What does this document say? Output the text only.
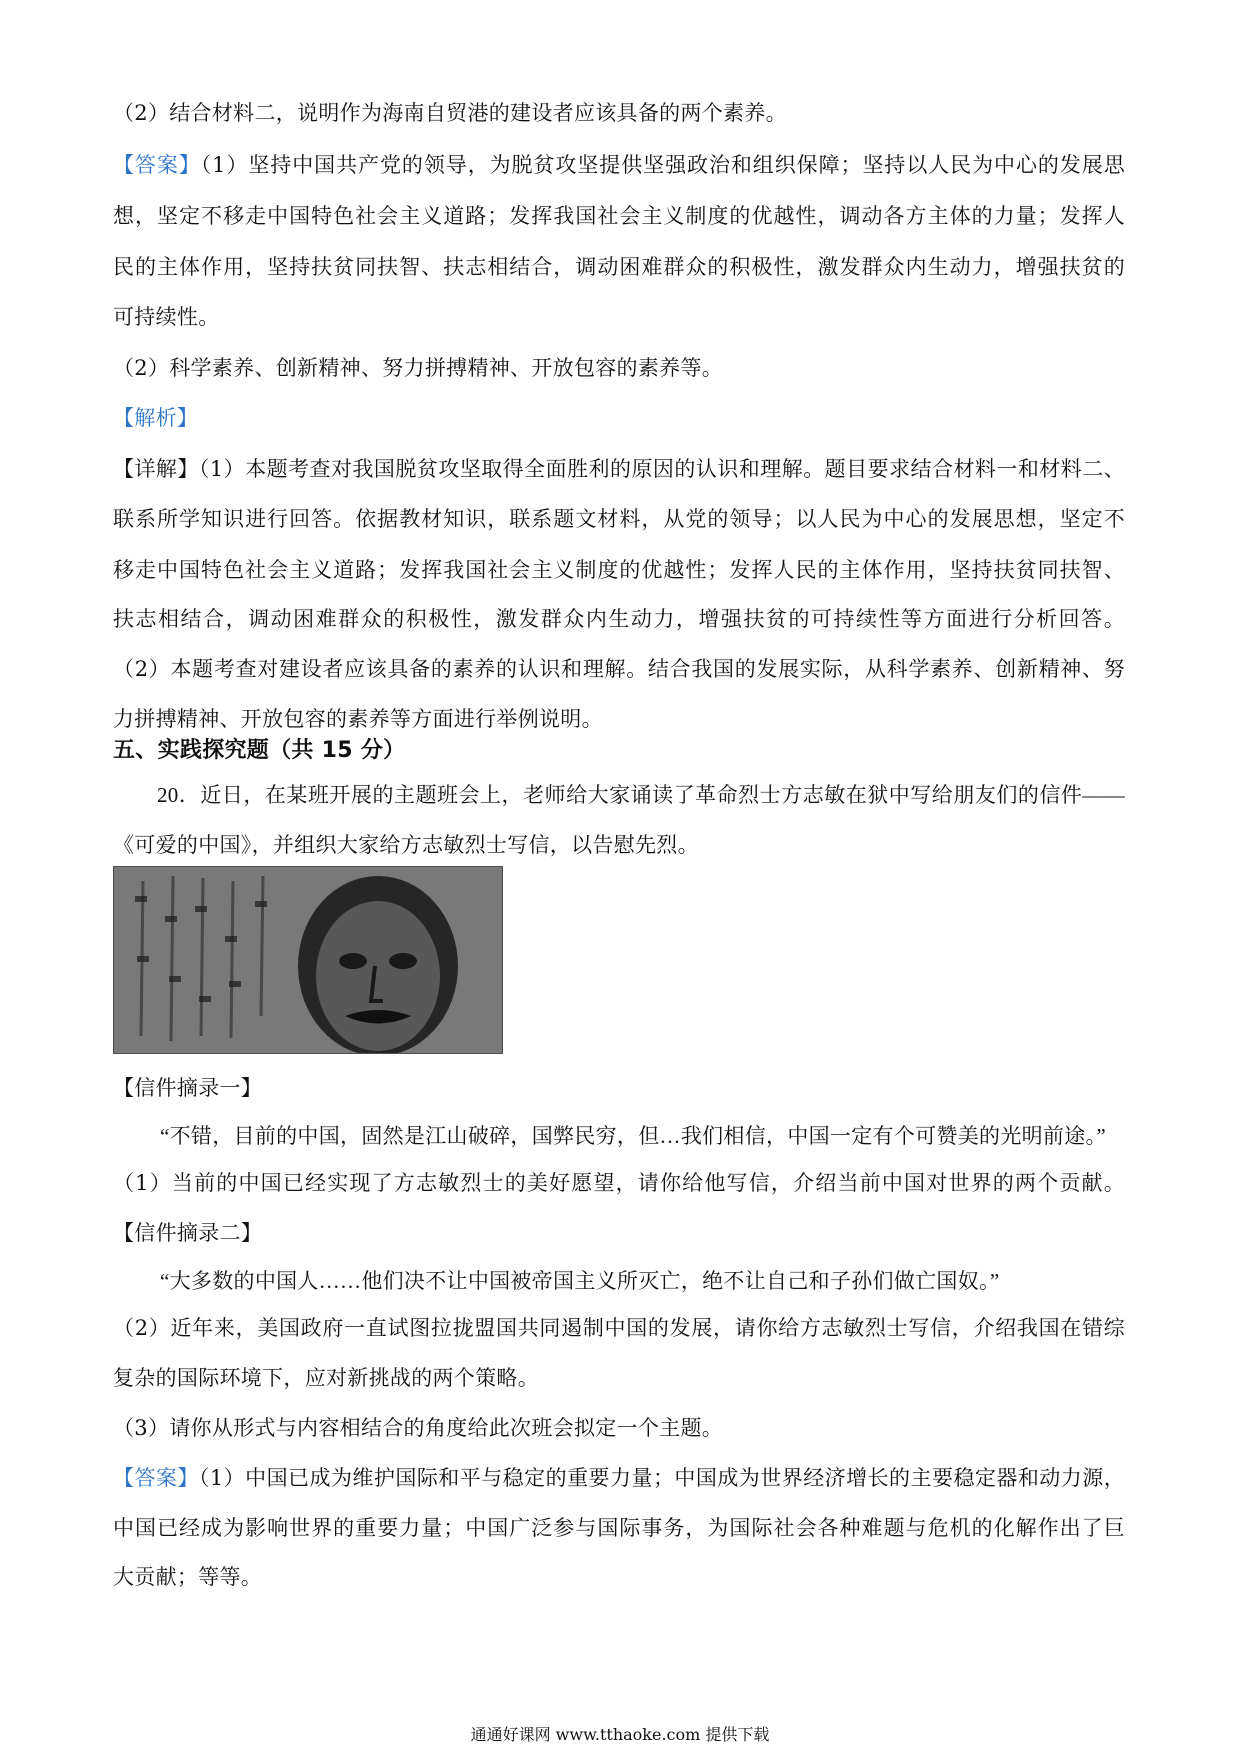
（2）结合材料二，说明作为海南自贸港的建设者应该具备的两个素养。
【答案】（1）坚持中国共产党的领导，为脱贫攻坚提供坚强政治和组织保障；坚持以人民为中心的发展思
想，坚定不移走中国特色社会主义道路；发挥我国社会主义制度的优越性，调动各方主体的力量；发挥人
民的主体作用，坚持扶贫同扶智、扶志相结合，调动困难群众的积极性，激发群众内生动力，增强扶贫的
可持续性。
（2）科学素养、创新精神、努力拼搏精神、开放包容的素养等。
【解析】
【详解】（1）本题考查对我国脱贫攻坚取得全面胜利的原因的认识和理解。题目要求结合材料一和材料二、
联系所学知识进行回答。依据教材知识，联系题文材料，从党的领导；以人民为中心的发展思想，坚定不
移走中国特色社会主义道路；发挥我国社会主义制度的优越性；发挥人民的主体作用，坚持扶贫同扶智、
扶志相结合，调动困难群众的积极性，激发群众内生动力，增强扶贫的可持续性等方面进行分析回答。
（2）本题考查对建设者应该具备的素养的认识和理解。结合我国的发展实际，从科学素养、创新精神、努
力拼搏精神、开放包容的素养等方面进行举例说明。
五、实践探究题（共 15 分）
20．近日，在某班开展的主题班会上，老师给大家诵读了革命烈士方志敏在狱中写给朋友们的信件——
《可爱的中国》，并组织大家给方志敏烈士写信，以告慰先烈。
【信件摘录一】
“不错，目前的中国，固然是江山破碎，国弊民穷，但…我们相信，中国一定有个可赞美的光明前途。”
（1）当前的中国已经实现了方志敏烈士的美好愿望，请你给他写信，介绍当前中国对世界的两个贡献。
【信件摘录二】
“大多数的中国人……他们决不让中国被帝国主义所灭亡，绝不让自己和子孙们做亡国奴。”
（2）近年来，美国政府一直试图拉拢盟国共同遏制中国的发展，请你给方志敏烈士写信，介绍我国在错综
复杂的国际环境下，应对新挑战的两个策略。
（3）请你从形式与内容相结合的角度给此次班会拟定一个主题。
【答案】（1）中国已成为维护国际和平与稳定的重要力量；中国成为世界经济增长的主要稳定器和动力源，
中国已经成为影响世界的重要力量；中国广泛参与国际事务，为国际社会各种难题与危机的化解作出了巨
大贡献；等等。
通通好课网 www.tthaoke.com 提供下载
